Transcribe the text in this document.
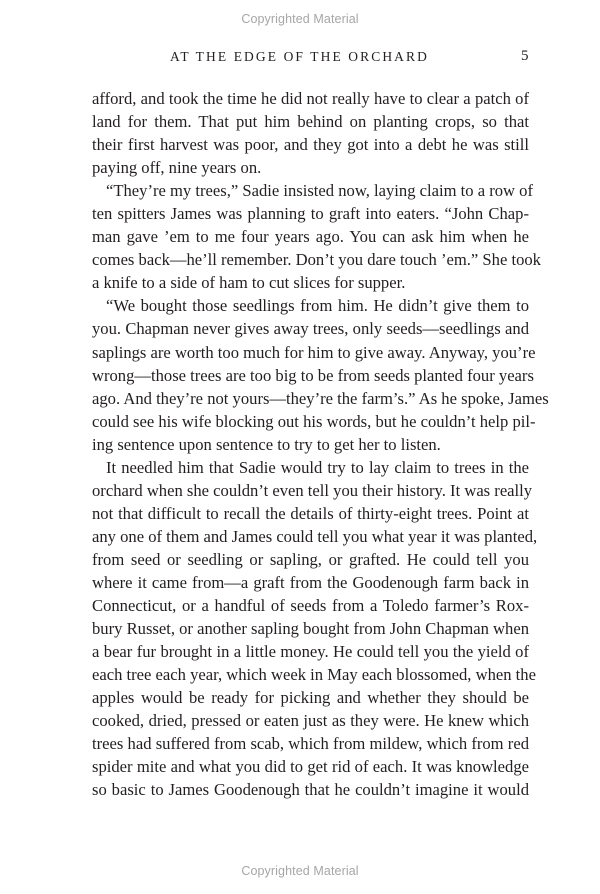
Copyrighted Material
AT THE EDGE OF THE ORCHARD	5
afford, and took the time he did not really have to clear a patch of
land for them. That put him behind on planting crops, so that
their first harvest was poor, and they got into a debt he was still
paying off, nine years on.
“They’re my trees,” Sadie insisted now, laying claim to a row of
ten spitters James was planning to graft into eaters. “John Chap-
man gave ’em to me four years ago. You can ask him when he
comes back—he’ll remember. Don’t you dare touch ’em.” She took
a knife to a side of ham to cut slices for supper.
“We bought those seedlings from him. He didn’t give them to
you. Chapman never gives away trees, only seeds—seedlings and
saplings are worth too much for him to give away. Anyway, you’re
wrong—those trees are too big to be from seeds planted four years
ago. And they’re not yours—they’re the farm’s.” As he spoke, James
could see his wife blocking out his words, but he couldn’t help pil-
ing sentence upon sentence to try to get her to listen.
It needled him that Sadie would try to lay claim to trees in the
orchard when she couldn’t even tell you their history. It was really
not that difficult to recall the details of thirty-eight trees. Point at
any one of them and James could tell you what year it was planted,
from seed or seedling or sapling, or grafted. He could tell you
where it came from—a graft from the Goodenough farm back in
Connecticut, or a handful of seeds from a Toledo farmer’s Rox-
bury Russet, or another sapling bought from John Chapman when
a bear fur brought in a little money. He could tell you the yield of
each tree each year, which week in May each blossomed, when the
apples would be ready for picking and whether they should be
cooked, dried, pressed or eaten just as they were. He knew which
trees had suffered from scab, which from mildew, which from red
spider mite and what you did to get rid of each. It was knowledge
so basic to James Goodenough that he couldn’t imagine it would
Copyrighted Material
